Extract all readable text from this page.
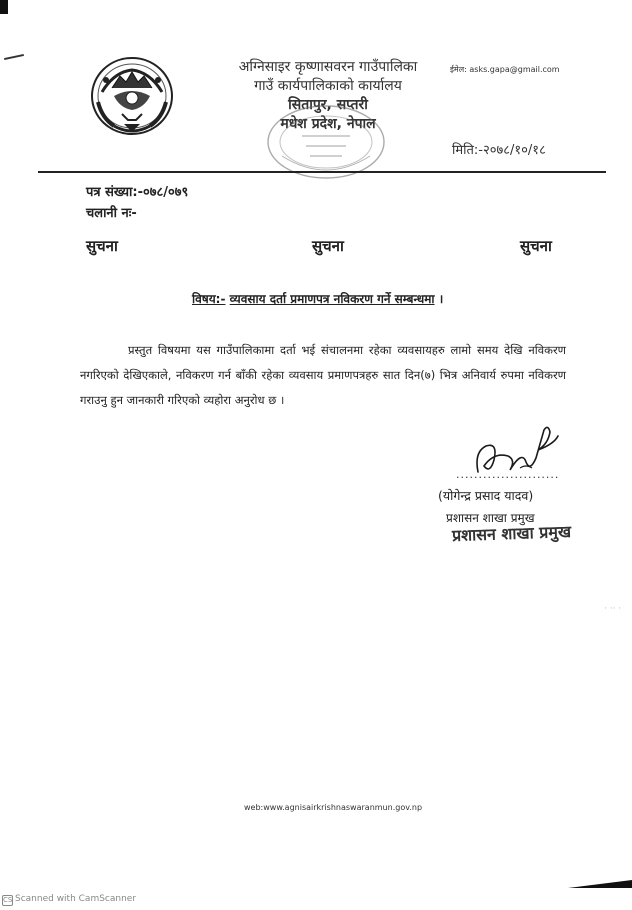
अग्निसाइर कृष्णासवरन गाउँपालिका
गाउँ कार्यपालिकाको कार्यालय
सितापुर, सप्तरी
मधेश प्रदेश, नेपाल
ईमेल: asks.gapa@gmail.com
मिति:-२०७८/१०/१८
पत्र संख्या:-०७८/०७९
चलानी नः-
सुचना	सुचना	सुचना
विषय:- व्यवसाय दर्ता प्रमाणपत्र नविकरण गर्ने सम्बन्धमा ।

प्रस्तुत विषयमा यस गाउँपालिकामा दर्ता भई संचालनमा रहेका व्यवसायहरु लामो समय देखि नविकरण नगरिएको देखिएकाले, नविकरण गर्न बाँकी रहेका व्यवसाय प्रमाणपत्रहरु सात दिन(७) भित्र अनिवार्य रुपमा नविकरण गराउनु हुन जानकारी गरिएको व्यहोरा अनुरोध छ ।

.......................
(योगेन्द्र प्रसाद यादव)
प्रशासन शाखा प्रमुख
प्रशासन शाखा प्रमुख
· ·· ·
web:www.agnisairkrishnaswaranmun.gov.np
CS Scanned with CamScanner
